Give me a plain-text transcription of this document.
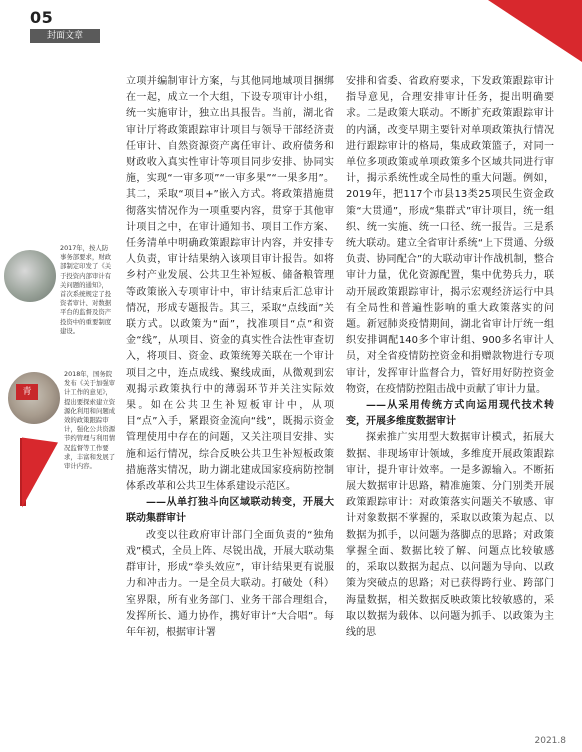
05
封面文章
2017年，按人防事务部要求，财政部制定印发了《关于投资内部审计有关问题的通知》，首次系统规定了投资者审计、对数据平台的监督及资产投资中的重要制度建设。
青
2018年，国务院发布《关于加强审计工作的意见》，提出要探索建立资源化利用和问题成效的政策跟踪审计，强化公共资源节约管理与利用情况监督等工作要求，丰富和发展了审计内容。

立项并编制审计方案，与其他同地域项目捆绑在一起，成立一个大组，下设专项审计小组，统一实施审计，独立出具报告。当前，湖北省审计厅将政策跟踪审计项目与领导干部经济责任审计、自然资源资产离任审计、政府债务和财政收入真实性审计等项目同步安排、协同实施，实现“一审多项”“一审多果”“一果多用”。其二，采取“项目+”嵌入方式。将政策措施贯彻落实情况作为一项重要内容，贯穿于其他审计项目之中，在审计通知书、项目工作方案、任务清单中明确政策跟踪审计内容，并安排专人负责，审计结果纳入该项目审计报告。如将乡村产业发展、公共卫生补短板、储备粮管理等政策嵌入专项审计中，审计结束后汇总审计情况，形成专题报告。其三，采取“点线面”关联方式。以政策为“面”，找准项目“点”和资金“线”，从项目、资金的真实性合法性审查切入，将项目、资金、政策统筹关联在一个审计项目之中，连点成线、聚线成面，从微观到宏观揭示政策执行中的薄弱环节并关注实际效果。如在公共卫生补短板审计中，从项目“点”入手，紧跟资金流向“线”，既揭示资金管理使用中存在的问题，又关注项目安排、实施和运行情况，综合反映公共卫生补短板政策措施落实情况，助力湖北建成国家疫病防控制体系改革和公共卫生体系建设示范区。

——从单打独斗向区域联动转变，开展大联动集群审计

改变以往政府审计部门全面负责的“独角戏”模式，全员上阵、尽锐出战，开展大联动集群审计，形成“拳头效应”，审计结果更有说服力和冲击力。一是全员大联动。打破处（科）室界限，所有业务部门、业务干部合理组合，发挥所长、通力协作，携好审计“大合唱”。每年年初，根据审计署

安排和省委、省政府要求，下发政策跟踪审计指导意见，合理安排审计任务，提出明确要求。二是政策大联动。不断扩充政策跟踪审计的内涵，改变早期主要针对单项政策执行情况进行跟踪审计的格局，集成政策篮子，对同一单位多项政策或单项政策多个区域共同进行审计，揭示系统性或全局性的重大问题。例如，2019年，把117个市县13类25项民生资金政策“大贯通”，形成“集群式”审计项目，统一组织、统一实施、统一口径、统一报告。三是系统大联动。建立全省审计系统“上下贯通、分级负责、协同配合”的大联动审计作战机制，整合审计力量，优化资源配置，集中优势兵力，联动开展政策跟踪审计，揭示宏观经济运行中具有全局性和普遍性影响的重大政策落实的问题。新冠肺炎疫情期间，湖北省审计厅统一组织安排调配140多个审计组、900多名审计人员，对全省疫情防控资金和捐赠款物进行专项审计，发挥审计监督合力，管好用好防控资金物资，在疫情防控阻击战中贡献了审计力量。

——从采用传统方式向运用现代技术转变，开展多维度数据审计

探索推广实用型大数据审计模式，拓展大数据、非现场审计领域，多维度开展政策跟踪审计，提升审计效率。一是多源输入。不断拓展大数据审计思路，精准施策、分门别类开展政策跟踪审计：对政策落实问题关不敏感、审计对象数据不掌握的，采取以政策为起点、以数据为抓手，以问题为落脚点的思路；对政策掌握全面、数据比较了解、问题点比较敏感的，采取以数据为起点、以问题为导向、以政策为突破点的思路；对已获得跨行业、跨部门海量数据，相关数据反映政策比较敏感的，采取以数据为载体、以问题为抓手、以政策为主线的思

2021.8
